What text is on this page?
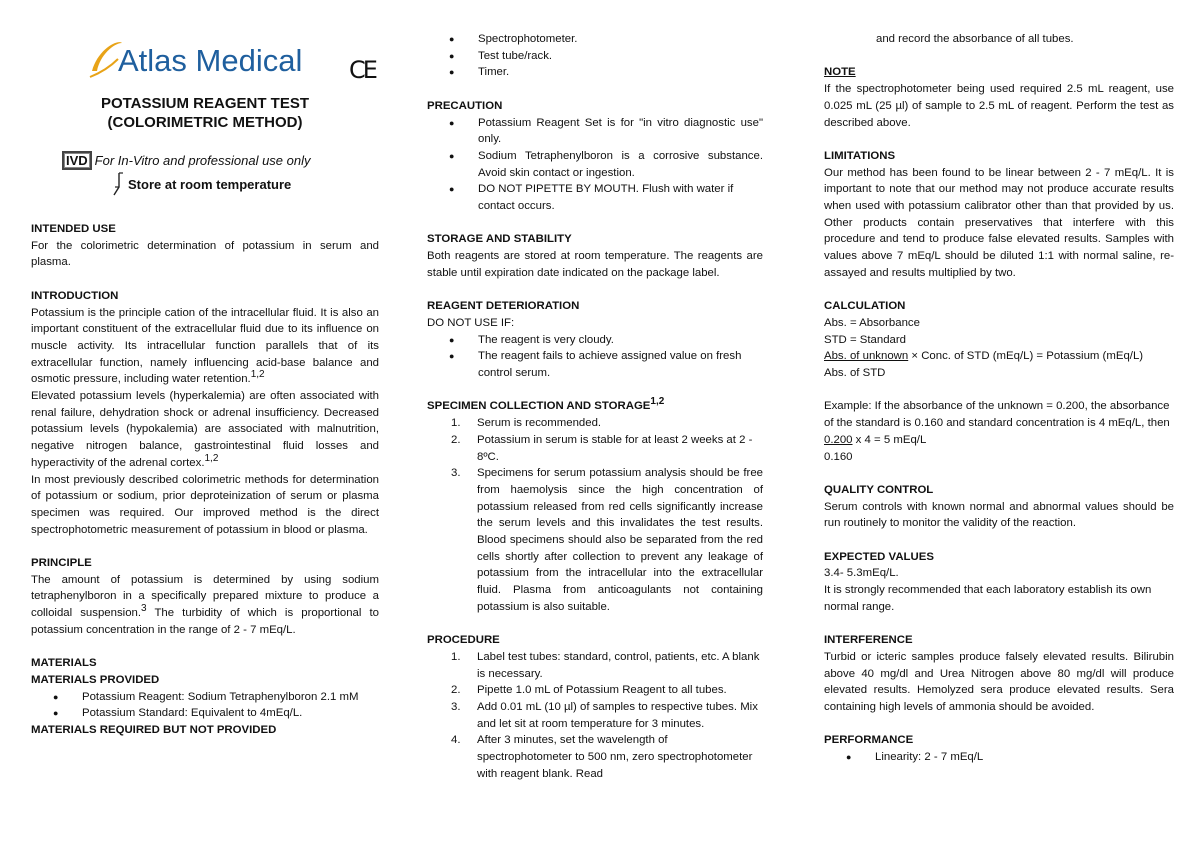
Atlas Medical CE
POTASSIUM REAGENT TEST
(COLORIMETRIC METHOD)
IVD For In-Vitro and professional use only
Store at room temperature
INTENDED USE

For the colorimetric determination of potassium in serum and plasma.

INTRODUCTION

Potassium is the principle cation of the intracellular fluid. It is also an important constituent of the extracellular fluid due to its influence on muscle activity. Its intracellular function parallels that of its extracellular function, namely influencing acid-base balance and osmotic pressure, including water retention.$^{1,2}$

Elevated potassium levels (hyperkalemia) are often associated with renal failure, dehydration shock or adrenal insufficiency. Decreased potassium levels (hypokalemia) are associated with malnutrition, negative nitrogen balance, gastrointestinal fluid losses and hyperactivity of the adrenal cortex.$^{1,2}$

In most previously described colorimetric methods for determination of potassium or sodium, prior deproteinization of serum or plasma specimen was required. Our improved method is the direct spectrophotometric measurement of potassium in blood or plasma.

PRINCIPLE

The amount of potassium is determined by using sodium tetraphenylboron in a specifically prepared mixture to produce a colloidal suspension.$^3$ The turbidity of which is proportional to potassium concentration in the range of 2 - 7 mEq/L.

MATERIALS
MATERIALS PROVIDED
● Potassium Reagent: Sodium Tetraphenylboron 2.1 mM
● Potassium Standard: Equivalent to 4mEq/L.
MATERIALS REQUIRED BUT NOT PROVIDED
● Spectrophotometer.
● Test tube/rack.
● Timer.
PRECAUTION
● Potassium Reagent Set is for "in vitro diagnostic use" only.
● Sodium Tetraphenylboron is a corrosive substance. Avoid skin contact or ingestion.
● DO NOT PIPETTE BY MOUTH. Flush with water if contact occurs.
STORAGE AND STABILITY

Both reagents are stored at room temperature. The reagents are stable until expiration date indicated on the package label.

REAGENT DETERIORATION
DO NOT USE IF:
● The reagent is very cloudy.
● The reagent fails to achieve assigned value on fresh control serum.
SPECIMEN COLLECTION AND STORAGE$^{1,2}$
1. Serum is recommended.
2. Potassium in serum is stable for at least 2 weeks at 2 - 8ºC.
3. Specimens for serum potassium analysis should be free from haemolysis since the high concentration of potassium released from red cells significantly increase the serum levels and this invalidates the test results. Blood specimens should also be separated from the red cells shortly after collection to prevent any leakage of potassium from the intracellular into the extracellular fluid. Plasma from anticoagulants not containing potassium is also suitable.
PROCEDURE
1. Label test tubes: standard, control, patients, etc. A blank is necessary.
2. Pipette 1.0 mL of Potassium Reagent to all tubes.
3. Add 0.01 mL (10 µl) of samples to respective tubes. Mix and let sit at room temperature for 3 minutes.
4. After 3 minutes, set the wavelength of spectrophotometer to 500 nm, zero spectrophotometer with reagent blank. Read
and record the absorbance of all tubes.
NOTE

If the spectrophotometer being used required 2.5 mL reagent, use 0.025 mL (25 µl) of sample to 2.5 mL of reagent. Perform the test as described above.

LIMITATIONS

Our method has been found to be linear between 2 - 7 mEq/L. It is important to note that our method may not produce accurate results when used with potassium calibrator other than that provided by us. Other products contain preservatives that interfere with this procedure and tend to produce false elevated results. Samples with values above 7 mEq/L should be diluted 1:1 with normal saline, re-assayed and results multiplied by two.

CALCULATION
Abs. = Absorbance
STD = Standard
Abs. of unknown × Conc. of STD (mEq/L) = Potassium (mEq/L)
Abs. of STD

Example: If the absorbance of the unknown = 0.200, the absorbance of the standard is 0.160 and standard concentration is 4 mEq/L, then

0.200 x 4 = 5 mEq/L
0.160
QUALITY CONTROL

Serum controls with known normal and abnormal values should be run routinely to monitor the validity of the reaction.

EXPECTED VALUES
3.4- 5.3mEq/L.

It is strongly recommended that each laboratory establish its own normal range.

INTERFERENCE

Turbid or icteric samples produce falsely elevated results. Bilirubin above 40 mg/dl and Urea Nitrogen above 80 mg/dl will produce elevated results. Hemolyzed sera produce elevated results. Sera containing high levels of ammonia should be avoided.

PERFORMANCE
● Linearity: 2 - 7 mEq/L
